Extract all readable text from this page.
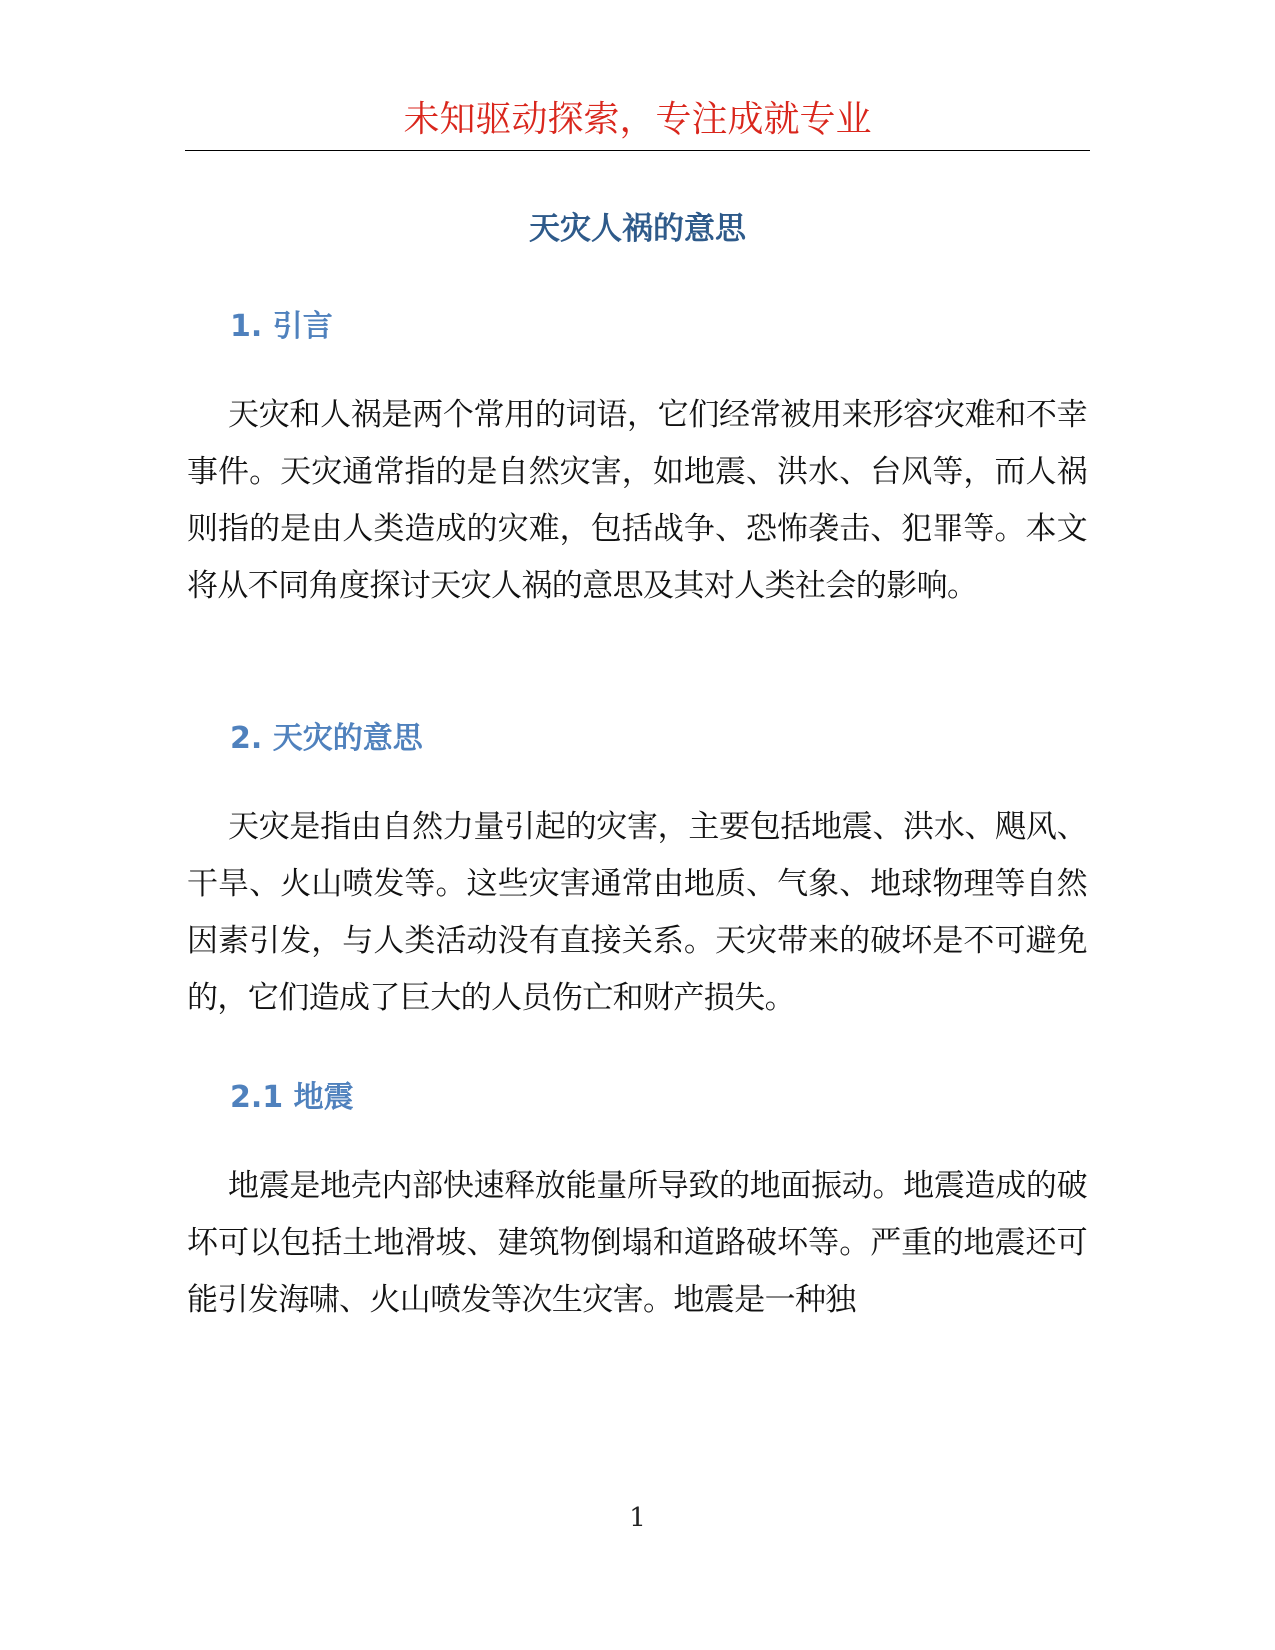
未知驱动探索，专注成就专业
天灾人祸的意思
1. 引言

天灾和人祸是两个常用的词语，它们经常被用来形容灾难和不幸事件。天灾通常指的是自然灾害，如地震、洪水、台风等，而人祸则指的是由人类造成的灾难，包括战争、恐怖袭击、犯罪等。本文将从不同角度探讨天灾人祸的意思及其对人类社会的影响。

2. 天灾的意思

天灾是指由自然力量引起的灾害，主要包括地震、洪水、飓风、干旱、火山喷发等。这些灾害通常由地质、气象、地球物理等自然因素引发，与人类活动没有直接关系。天灾带来的破坏是不可避免的，它们造成了巨大的人员伤亡和财产损失。

2.1 地震

地震是地壳内部快速释放能量所导致的地面振动。地震造成的破坏可以包括土地滑坡、建筑物倒塌和道路破坏等。严重的地震还可能引发海啸、火山喷发等次生灾害。地震是一种独

1
